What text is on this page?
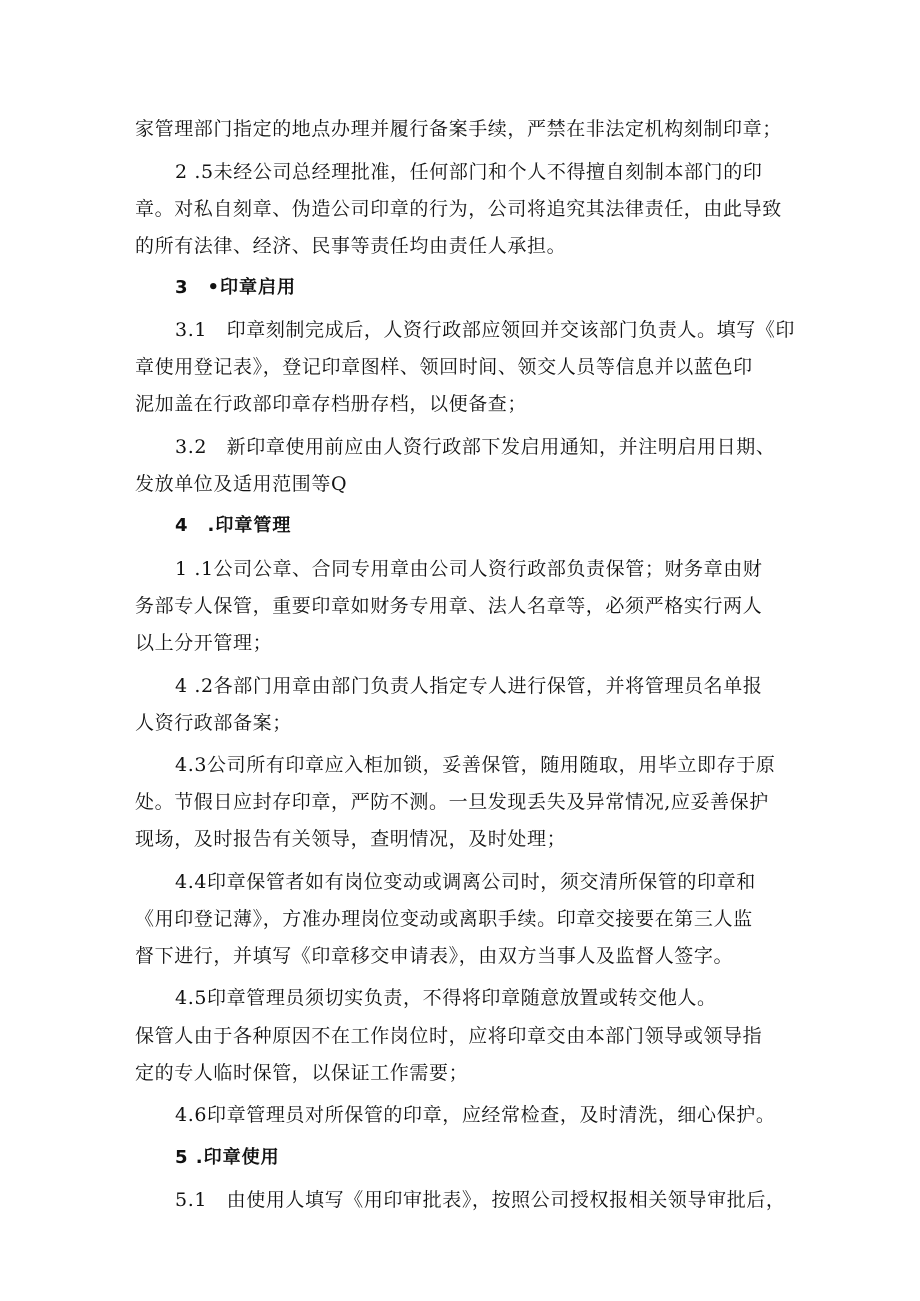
家管理部门指定的地点办理并履行备案手续，严禁在非法定机构刻制印章；
2 .5未经公司总经理批准，任何部门和个人不得擅自刻制本部门的印
章。对私自刻章、伪造公司印章的行为，公司将追究其法律责任，由此导致
的所有法律、经济、民事等责任均由责任人承担。
3　•印章启用
3.1　印章刻制完成后，人资行政部应领回并交该部门负责人。填写《印
章使用登记表》，登记印章图样、领回时间、领交人员等信息并以蓝色印
泥加盖在行政部印章存档册存档，以便备查；
3.2　新印章使用前应由人资行政部下发启用通知，并注明启用日期、
发放单位及适用范围等Q
4　.印章管理
1 .1公司公章、合同专用章由公司人资行政部负责保管；财务章由财
务部专人保管，重要印章如财务专用章、法人名章等，必须严格实行两人
以上分开管理；
4 .2各部门用章由部门负责人指定专人进行保管，并将管理员名单报
人资行政部备案；
4.3公司所有印章应入柜加锁，妥善保管，随用随取，用毕立即存于原
处。节假日应封存印章，严防不测。一旦发现丢失及异常情况,应妥善保护
现场，及时报告有关领导，查明情况，及时处理；
4.4印章保管者如有岗位变动或调离公司时，须交清所保管的印章和
《用印登记薄》，方准办理岗位变动或离职手续。印章交接要在第三人监
督下进行，并填写《印章移交申请表》，由双方当事人及监督人签字。
4.5印章管理员须切实负责，不得将印章随意放置或转交他人。
保管人由于各种原因不在工作岗位时，应将印章交由本部门领导或领导指
定的专人临时保管，以保证工作需要；
4.6印章管理员对所保管的印章，应经常检查，及时清洗，细心保护。
5 .印章使用
5.1　由使用人填写《用印审批表》，按照公司授权报相关领导审批后，
